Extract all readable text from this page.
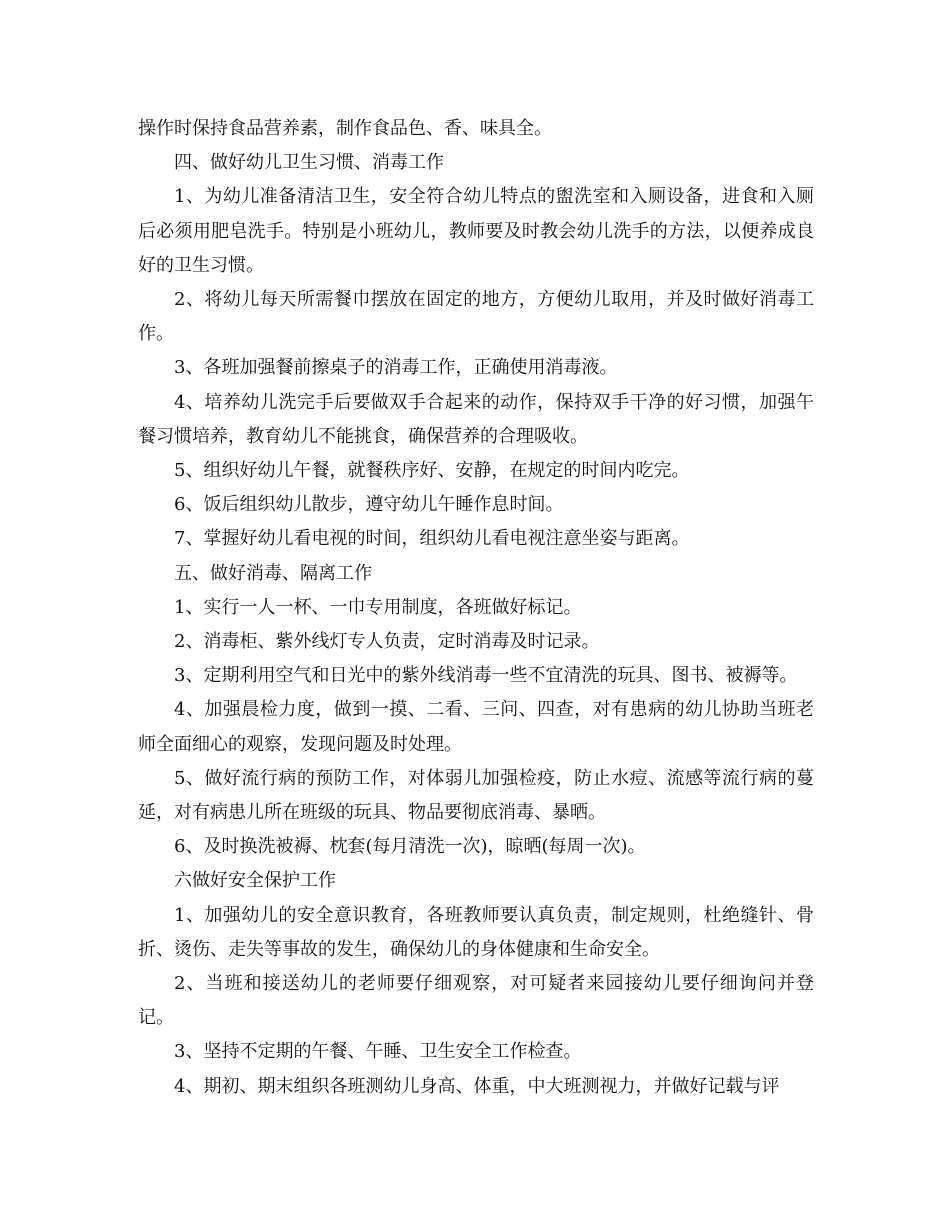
操作时保持食品营养素，制作食品色、香、味具全。

四、做好幼儿卫生习惯、消毒工作

1、为幼儿准备清洁卫生，安全符合幼儿特点的盥洗室和入厕设备，进食和入厕后必须用肥皂洗手。特别是小班幼儿，教师要及时教会幼儿洗手的方法，以便养成良好的卫生习惯。

2、将幼儿每天所需餐巾摆放在固定的地方，方便幼儿取用，并及时做好消毒工作。

3、各班加强餐前擦桌子的消毒工作，正确使用消毒液。

4、培养幼儿洗完手后要做双手合起来的动作，保持双手干净的好习惯，加强午餐习惯培养，教育幼儿不能挑食，确保营养的合理吸收。

5、组织好幼儿午餐，就餐秩序好、安静，在规定的时间内吃完。

6、饭后组织幼儿散步，遵守幼儿午睡作息时间。

7、掌握好幼儿看电视的时间，组织幼儿看电视注意坐姿与距离。

五、做好消毒、隔离工作

1、实行一人一杯、一巾专用制度，各班做好标记。

2、消毒柜、紫外线灯专人负责，定时消毒及时记录。

3、定期利用空气和日光中的紫外线消毒一些不宜清洗的玩具、图书、被褥等。

4、加强晨检力度，做到一摸、二看、三问、四查，对有患病的幼儿协助当班老师全面细心的观察，发现问题及时处理。

5、做好流行病的预防工作，对体弱儿加强检疫，防止水痘、流感等流行病的蔓延，对有病患儿所在班级的玩具、物品要彻底消毒、暴晒。

6、及时换洗被褥、枕套(每月清洗一次)，晾晒(每周一次)。

六做好安全保护工作

1、加强幼儿的安全意识教育，各班教师要认真负责，制定规则，杜绝缝针、骨折、烫伤、走失等事故的发生，确保幼儿的身体健康和生命安全。

2、当班和接送幼儿的老师要仔细观察，对可疑者来园接幼儿要仔细询问并登记。

3、坚持不定期的午餐、午睡、卫生安全工作检查。

4、期初、期末组织各班测幼儿身高、体重，中大班测视力，并做好记载与评
